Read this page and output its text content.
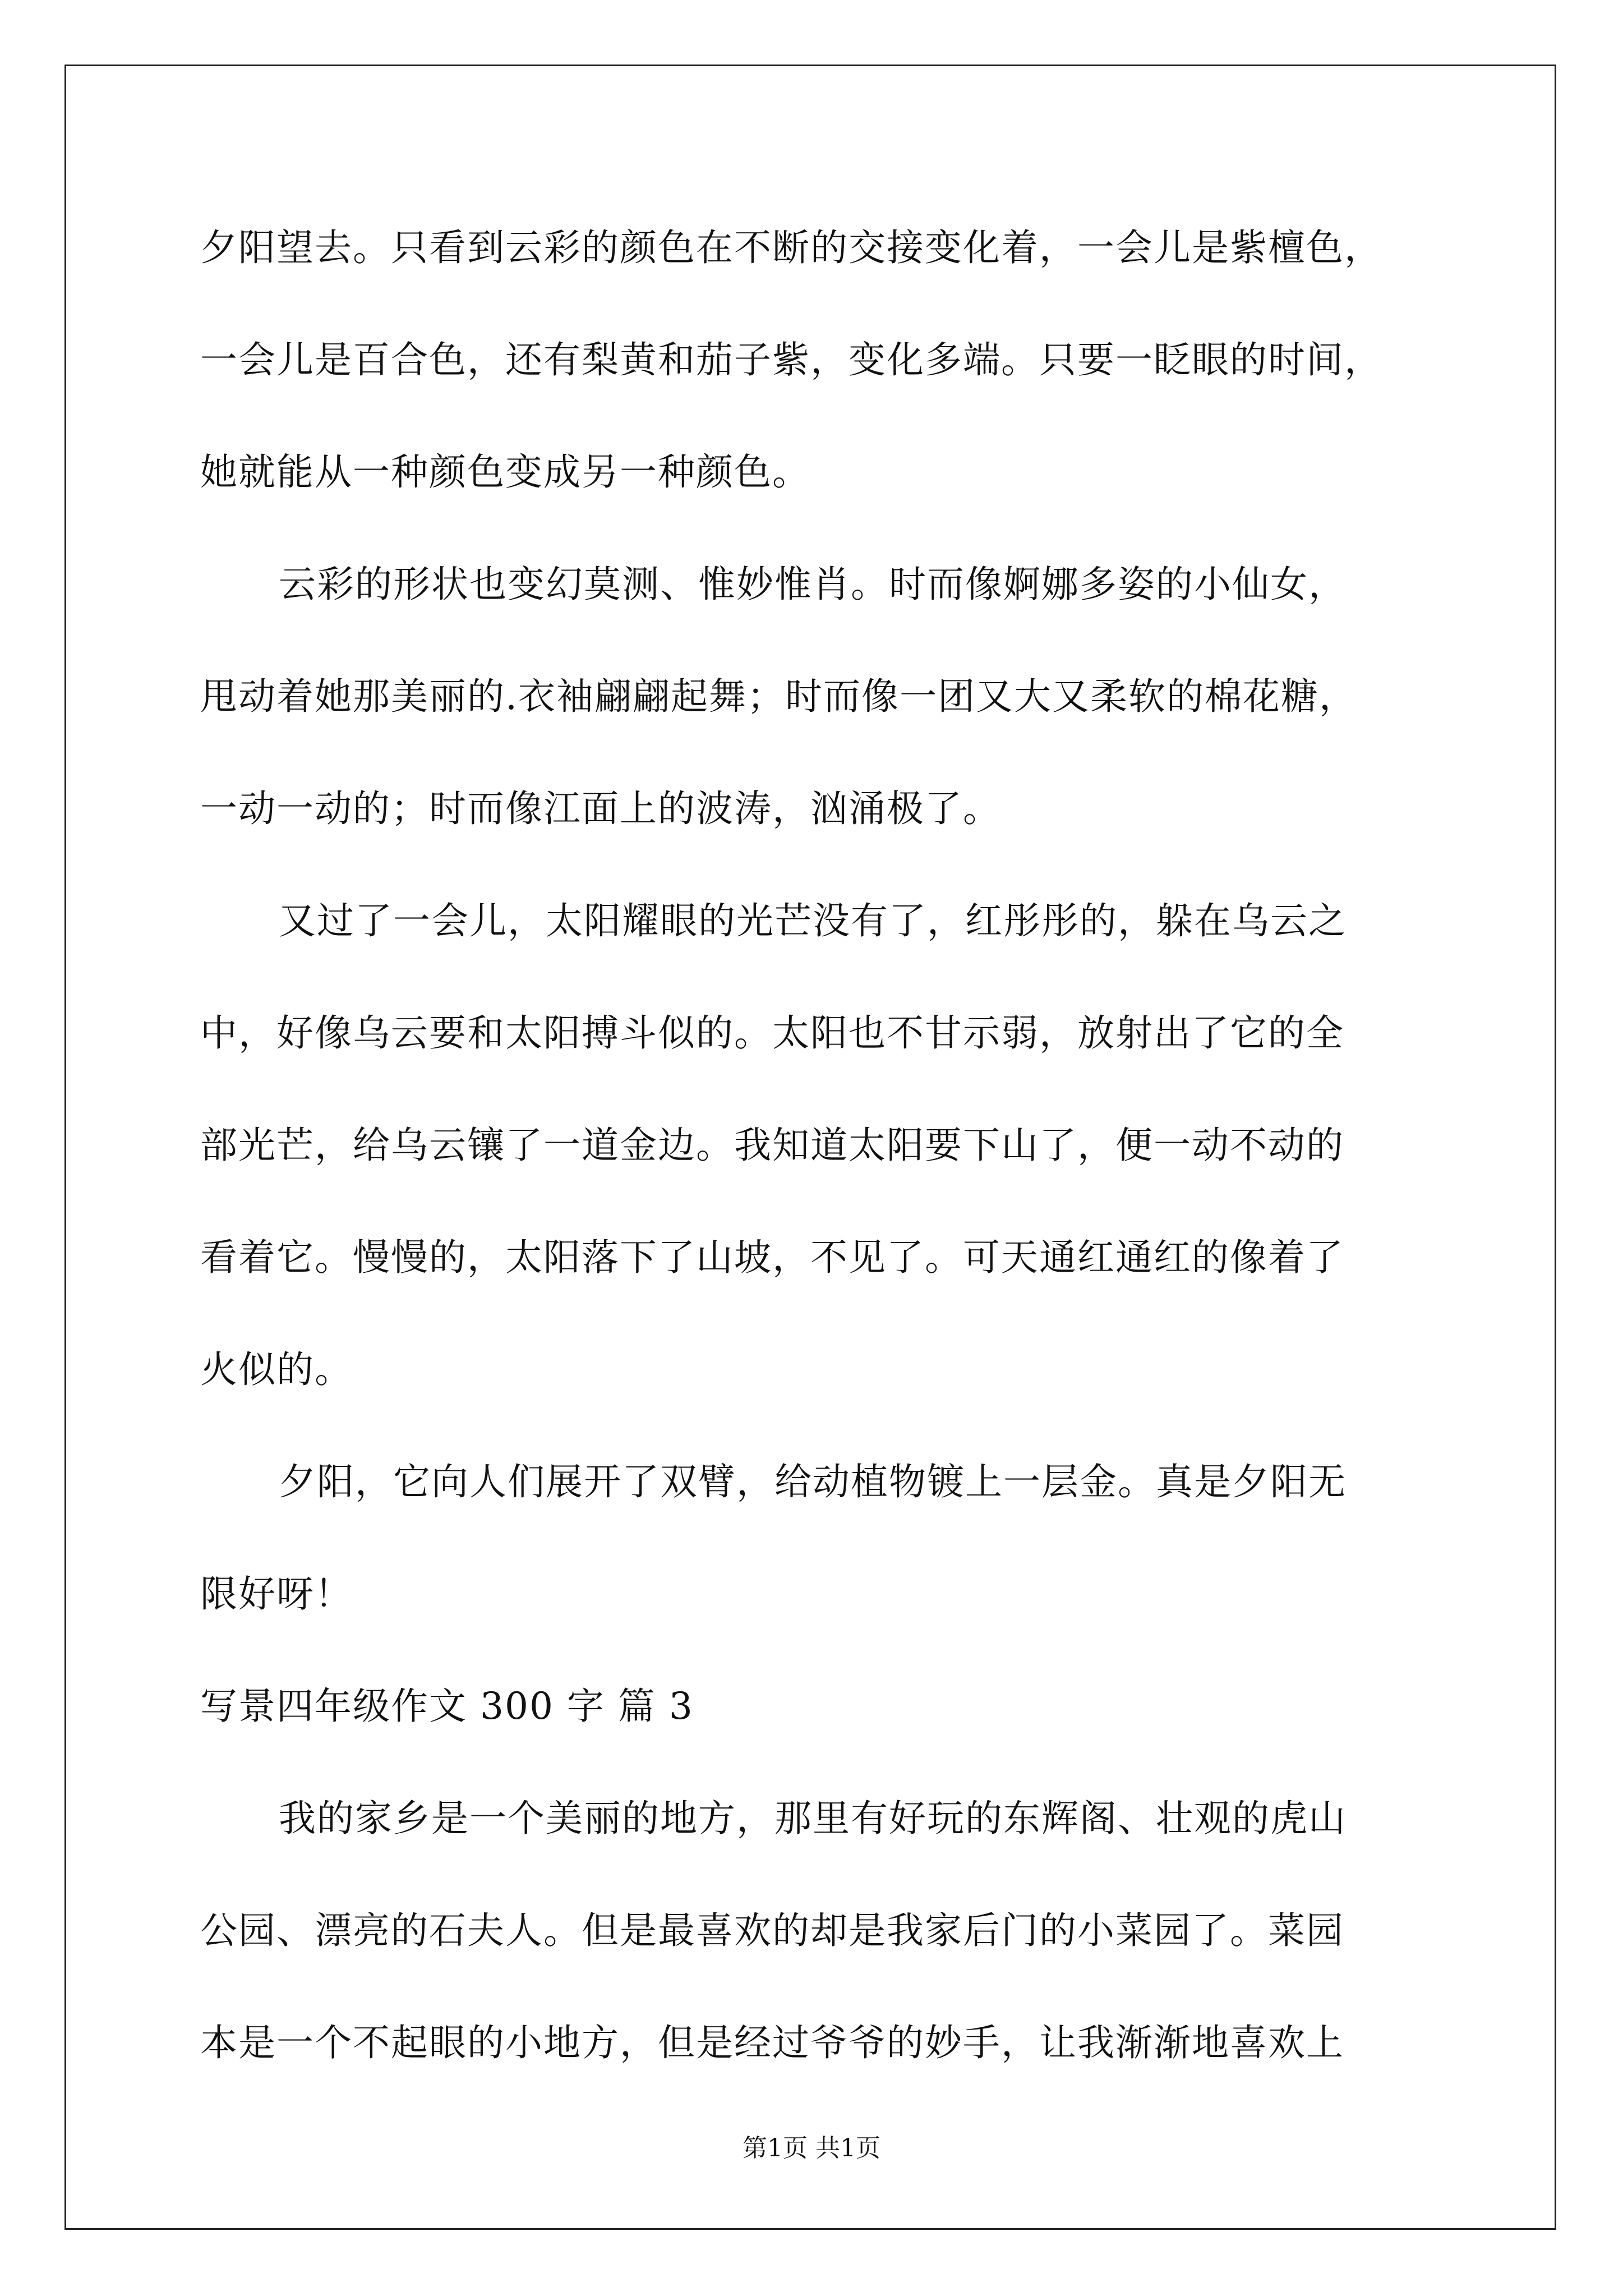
夕阳望去。只看到云彩的颜色在不断的交接变化着，一会儿是紫檀色，
一会儿是百合色，还有梨黄和茄子紫，变化多端。只要一眨眼的时间，
她就能从一种颜色变成另一种颜色。
云彩的形状也变幻莫测、惟妙惟肖。时而像婀娜多姿的小仙女，
甩动着她那美丽的.衣袖翩翩起舞；时而像一团又大又柔软的棉花糖，
一动一动的；时而像江面上的波涛，汹涌极了。
又过了一会儿，太阳耀眼的光芒没有了，红彤彤的，躲在乌云之
中，好像乌云要和太阳搏斗似的。太阳也不甘示弱，放射出了它的全
部光芒，给乌云镶了一道金边。我知道太阳要下山了，便一动不动的
看着它。慢慢的，太阳落下了山坡，不见了。可天通红通红的像着了
火似的。
夕阳，它向人们展开了双臂，给动植物镀上一层金。真是夕阳无
限好呀！
写景四年级作文 300 字 篇 3
我的家乡是一个美丽的地方，那里有好玩的东辉阁、壮观的虎山
公园、漂亮的石夫人。但是最喜欢的却是我家后门的小菜园了。菜园
本是一个不起眼的小地方，但是经过爷爷的妙手，让我渐渐地喜欢上
第1页 共1页
